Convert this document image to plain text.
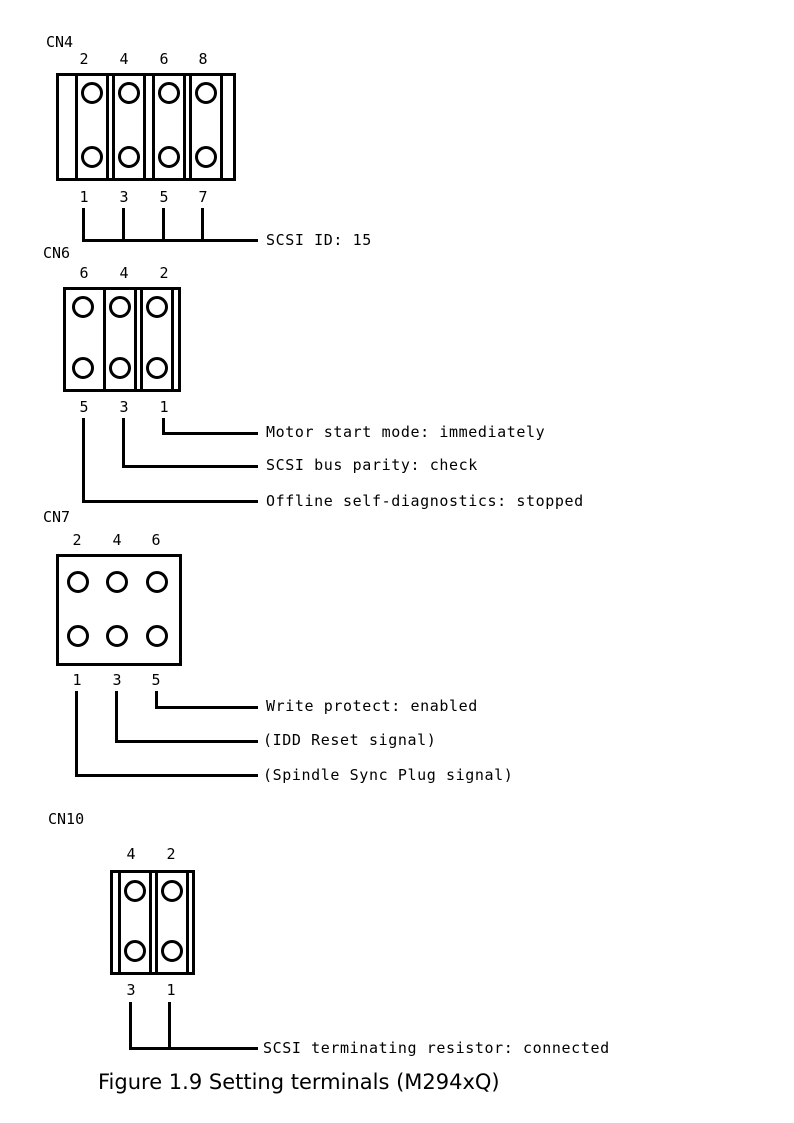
CN4
2 4 6 8
1 3 5 7
SCSI ID: 15
CN6
6 4 2
5 3 1
Motor start mode: immediately
SCSI bus parity: check
Offline self-diagnostics: stopped
CN7
2 4 6
1 3 5
Write protect: enabled
(IDD Reset signal)
(Spindle Sync Plug signal)
CN10
4 2
3 1
SCSI terminating resistor: connected
Figure 1.9 Setting terminals (M294xQ)
